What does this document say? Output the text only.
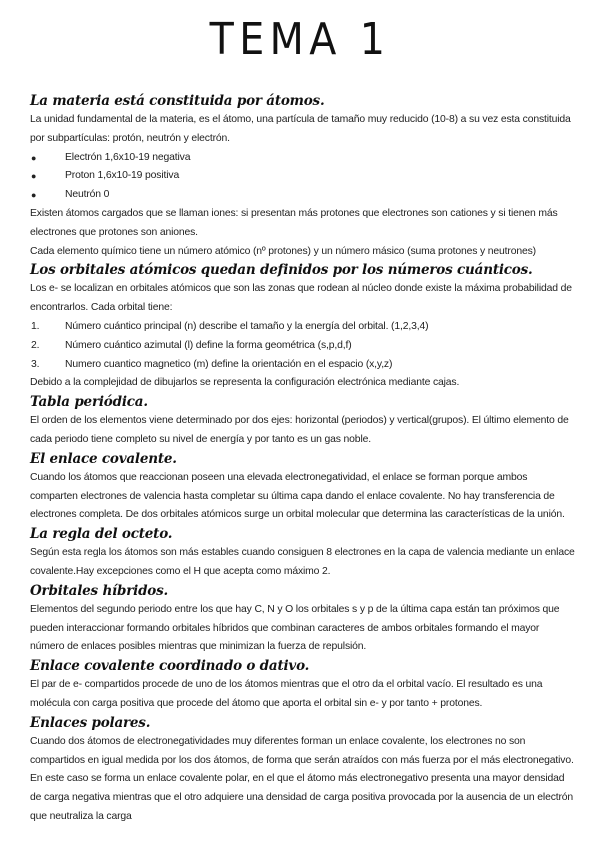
TEMA 1
La materia está constituida por átomos.

La unidad fundamental de la materia, es el átomo, una partícula de tamaño muy reducido (10-8) a su vez esta constituida por subpartículas: protón, neutrón y electrón.

●	Electrón 1,6x10-19 negativa
●	Proton 1,6x10-19 positiva
●	Neutrón 0

Existen átomos cargados que se llaman iones: si presentan más protones que electrones son cationes y si tienen más electrones que protones son aniones.

Cada elemento químico tiene un número atómico (nº protones) y un número másico (suma protones y neutrones)

Los orbitales atómicos quedan definidos por los números cuánticos.

Los e- se localizan en orbitales atómicos que son las zonas que rodean al núcleo donde existe la máxima probabilidad de encontrarlos. Cada orbital tiene:

1. Número cuántico principal (n) describe el tamaño y la energía del orbital. (1,2,3,4)
2. Número cuántico azimutal (l) define la forma geométrica (s,p,d,f)
3. Numero cuantico magnetico (m) define la orientación en el espacio (x,y,z)

Debido a la complejidad de dibujarlos se representa la configuración electrónica mediante cajas.

Tabla periódica.

El orden de los elementos viene determinado por dos ejes: horizontal (periodos) y vertical(grupos). El último elemento de cada periodo tiene completo su nivel de energía y por tanto es un gas noble.

El enlace covalente.

Cuando los átomos que reaccionan poseen una elevada electronegatividad, el enlace se forman porque ambos comparten electrones de valencia hasta completar su última capa dando el enlace covalente. No hay transferencia de electrones completa. De dos orbitales atómicos surge un orbital molecular que determina las características de la unión.

La regla del octeto.

Según esta regla los átomos son más estables cuando consiguen 8 electrones en la capa de valencia mediante un enlace covalente.Hay excepciones como el H que acepta como máximo 2.

Orbitales híbridos.

Elementos del segundo periodo entre los que hay C, N y O los orbitales s y p de la última capa están tan próximos que pueden interaccionar formando orbitales híbridos que combinan caracteres de ambos orbitales formando el mayor número de enlaces posibles mientras que minimizan la fuerza de repulsión.

Enlace covalente coordinado o dativo.

El par de e- compartidos procede de uno de los átomos mientras que el otro da el orbital vacío. El resultado es una molécula con carga positiva que procede del átomo que aporta el orbital sin e- y por tanto + protones.

Enlaces polares.

Cuando dos átomos de electronegatividades muy diferentes forman un enlace covalente, los electrones no son compartidos en igual medida por los dos átomos, de forma que serán atraídos con más fuerza por el más electronegativo. En este caso se forma un enlace covalente polar, en el que el átomo más electronegativo presenta una mayor densidad de carga negativa mientras que el otro adquiere una densidad de carga positiva provocada por la ausencia de un electrón que neutraliza la carga
